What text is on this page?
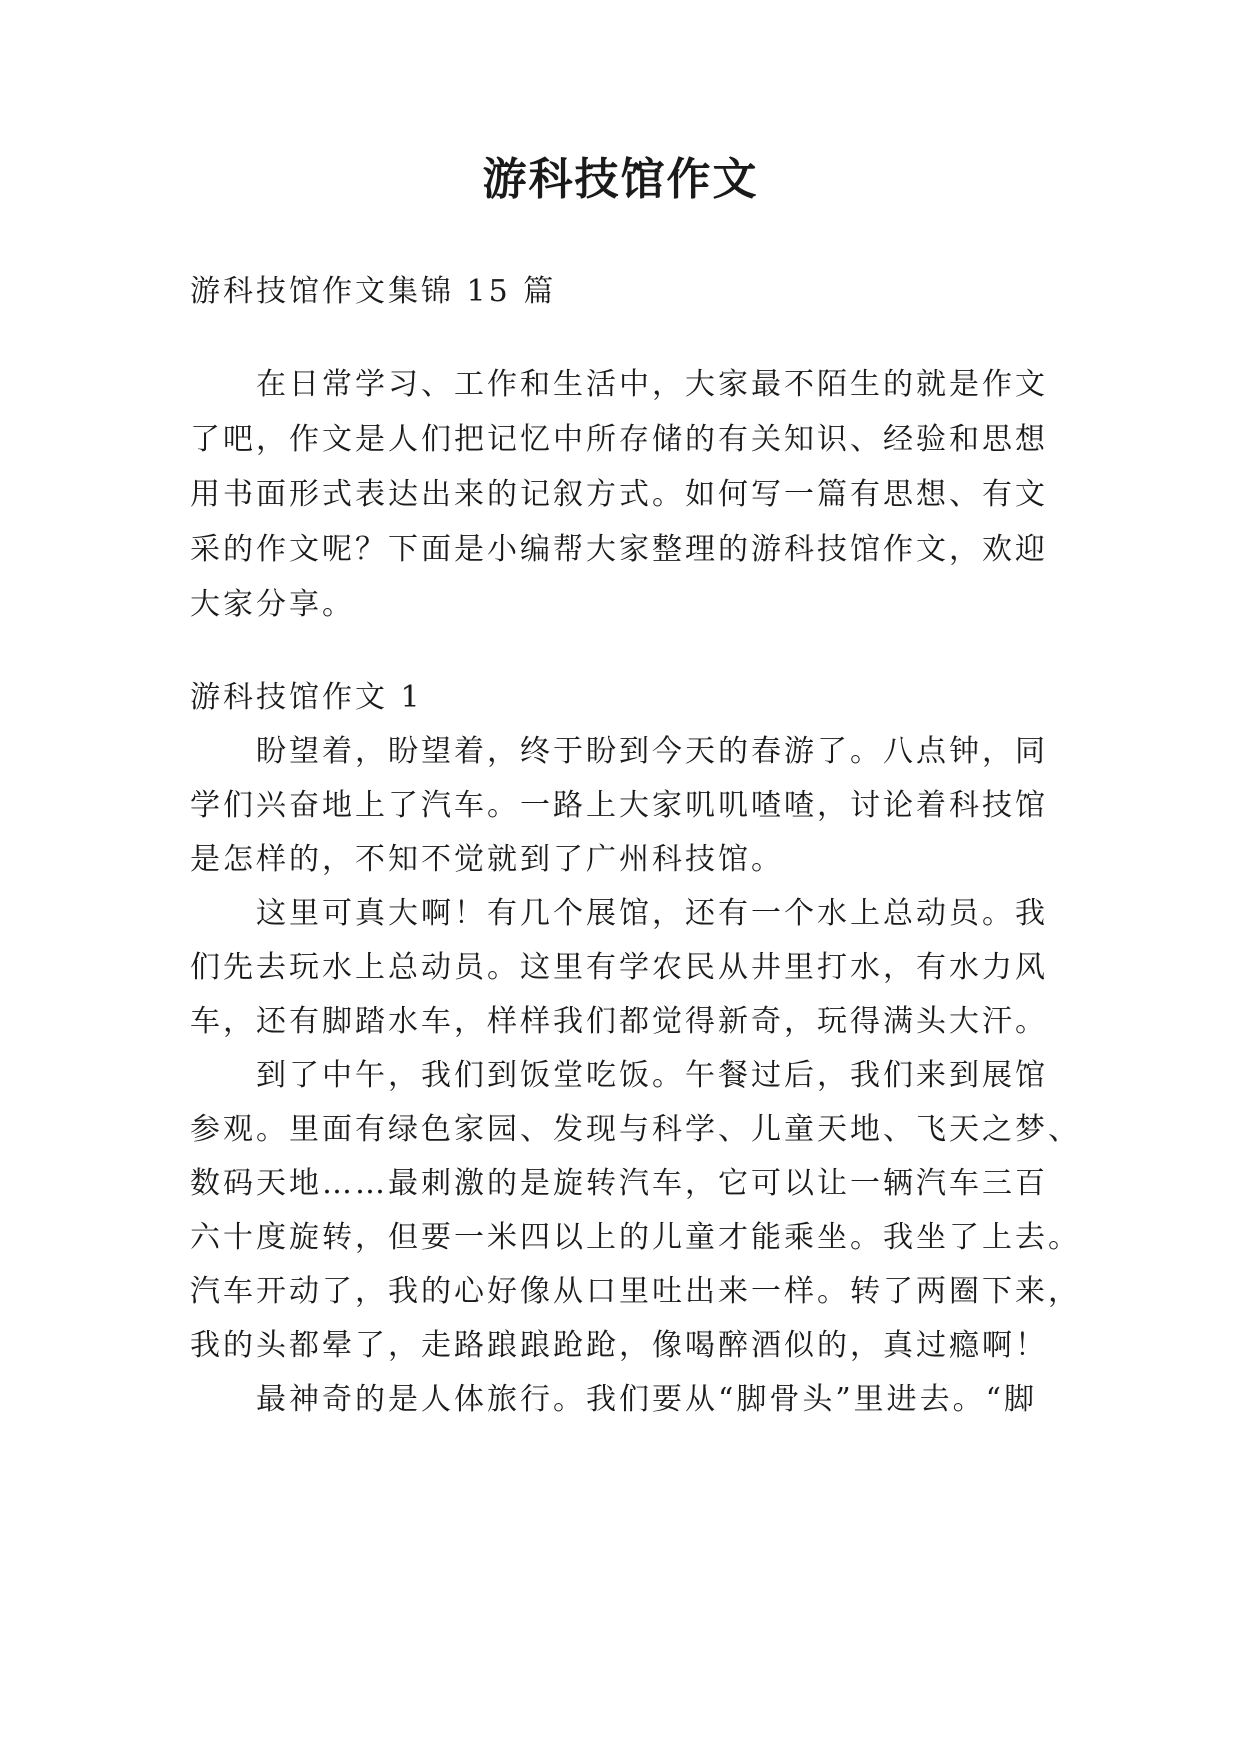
游科技馆作文
游科技馆作文集锦 15 篇
在日常学习、工作和生活中，大家最不陌生的就是作文
了吧，作文是人们把记忆中所存储的有关知识、经验和思想
用书面形式表达出来的记叙方式。如何写一篇有思想、有文
采的作文呢？下面是小编帮大家整理的游科技馆作文，欢迎
大家分享。
游科技馆作文 1
盼望着，盼望着，终于盼到今天的春游了。八点钟，同
学们兴奋地上了汽车。一路上大家叽叽喳喳，讨论着科技馆
是怎样的，不知不觉就到了广州科技馆。
这里可真大啊！有几个展馆，还有一个水上总动员。我
们先去玩水上总动员。这里有学农民从井里打水，有水力风
车，还有脚踏水车，样样我们都觉得新奇，玩得满头大汗。
到了中午，我们到饭堂吃饭。午餐过后，我们来到展馆
参观。里面有绿色家园、发现与科学、儿童天地、飞天之梦、
数码天地……最刺激的是旋转汽车，它可以让一辆汽车三百
六十度旋转，但要一米四以上的儿童才能乘坐。我坐了上去。
汽车开动了，我的心好像从口里吐出来一样。转了两圈下来，
我的头都晕了，走路踉踉跄跄，像喝醉酒似的，真过瘾啊！
最神奇的是人体旅行。我们要从“脚骨头”里进去。“脚
